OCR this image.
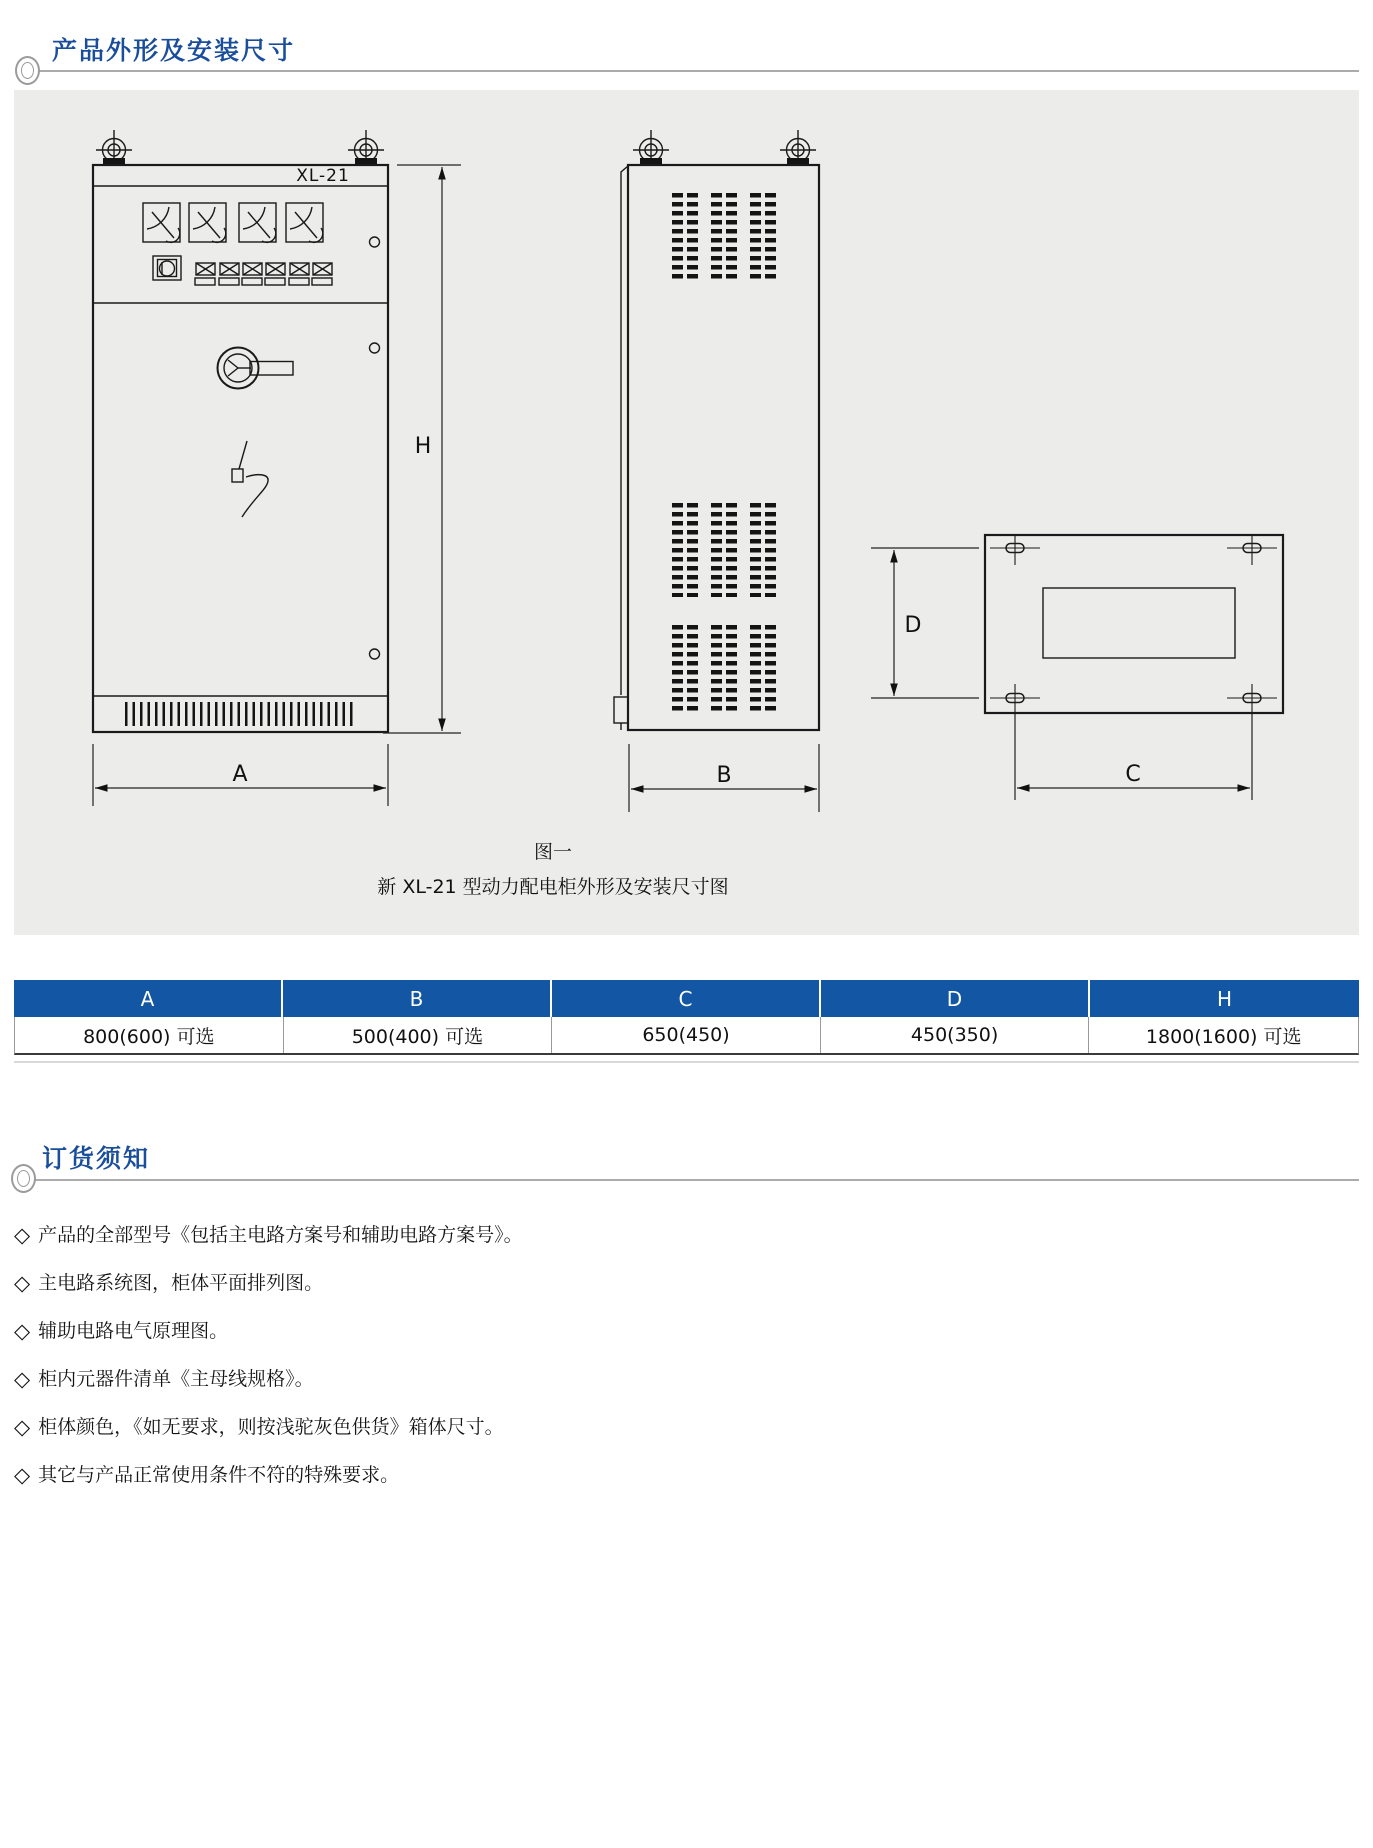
产品外形及安装尺寸
XL-21
A
H
B
D
C
图一
新 XL-21 型动力配电柜外形及安装尺寸图
A	B	C	D	H
800(600) 可选	500(400) 可选	650(450)	450(350)	1800(1600) 可选
订货须知
◇ 产品的全部型号《包括主电路方案号和辅助电路方案号》。
◇ 主电路系统图，柜体平面排列图。
◇ 辅助电路电气原理图。
◇ 柜内元器件清单《主母线规格》。
◇ 柜体颜色，《如无要求，则按浅驼灰色供货》箱体尺寸。
◇ 其它与产品正常使用条件不符的特殊要求。
